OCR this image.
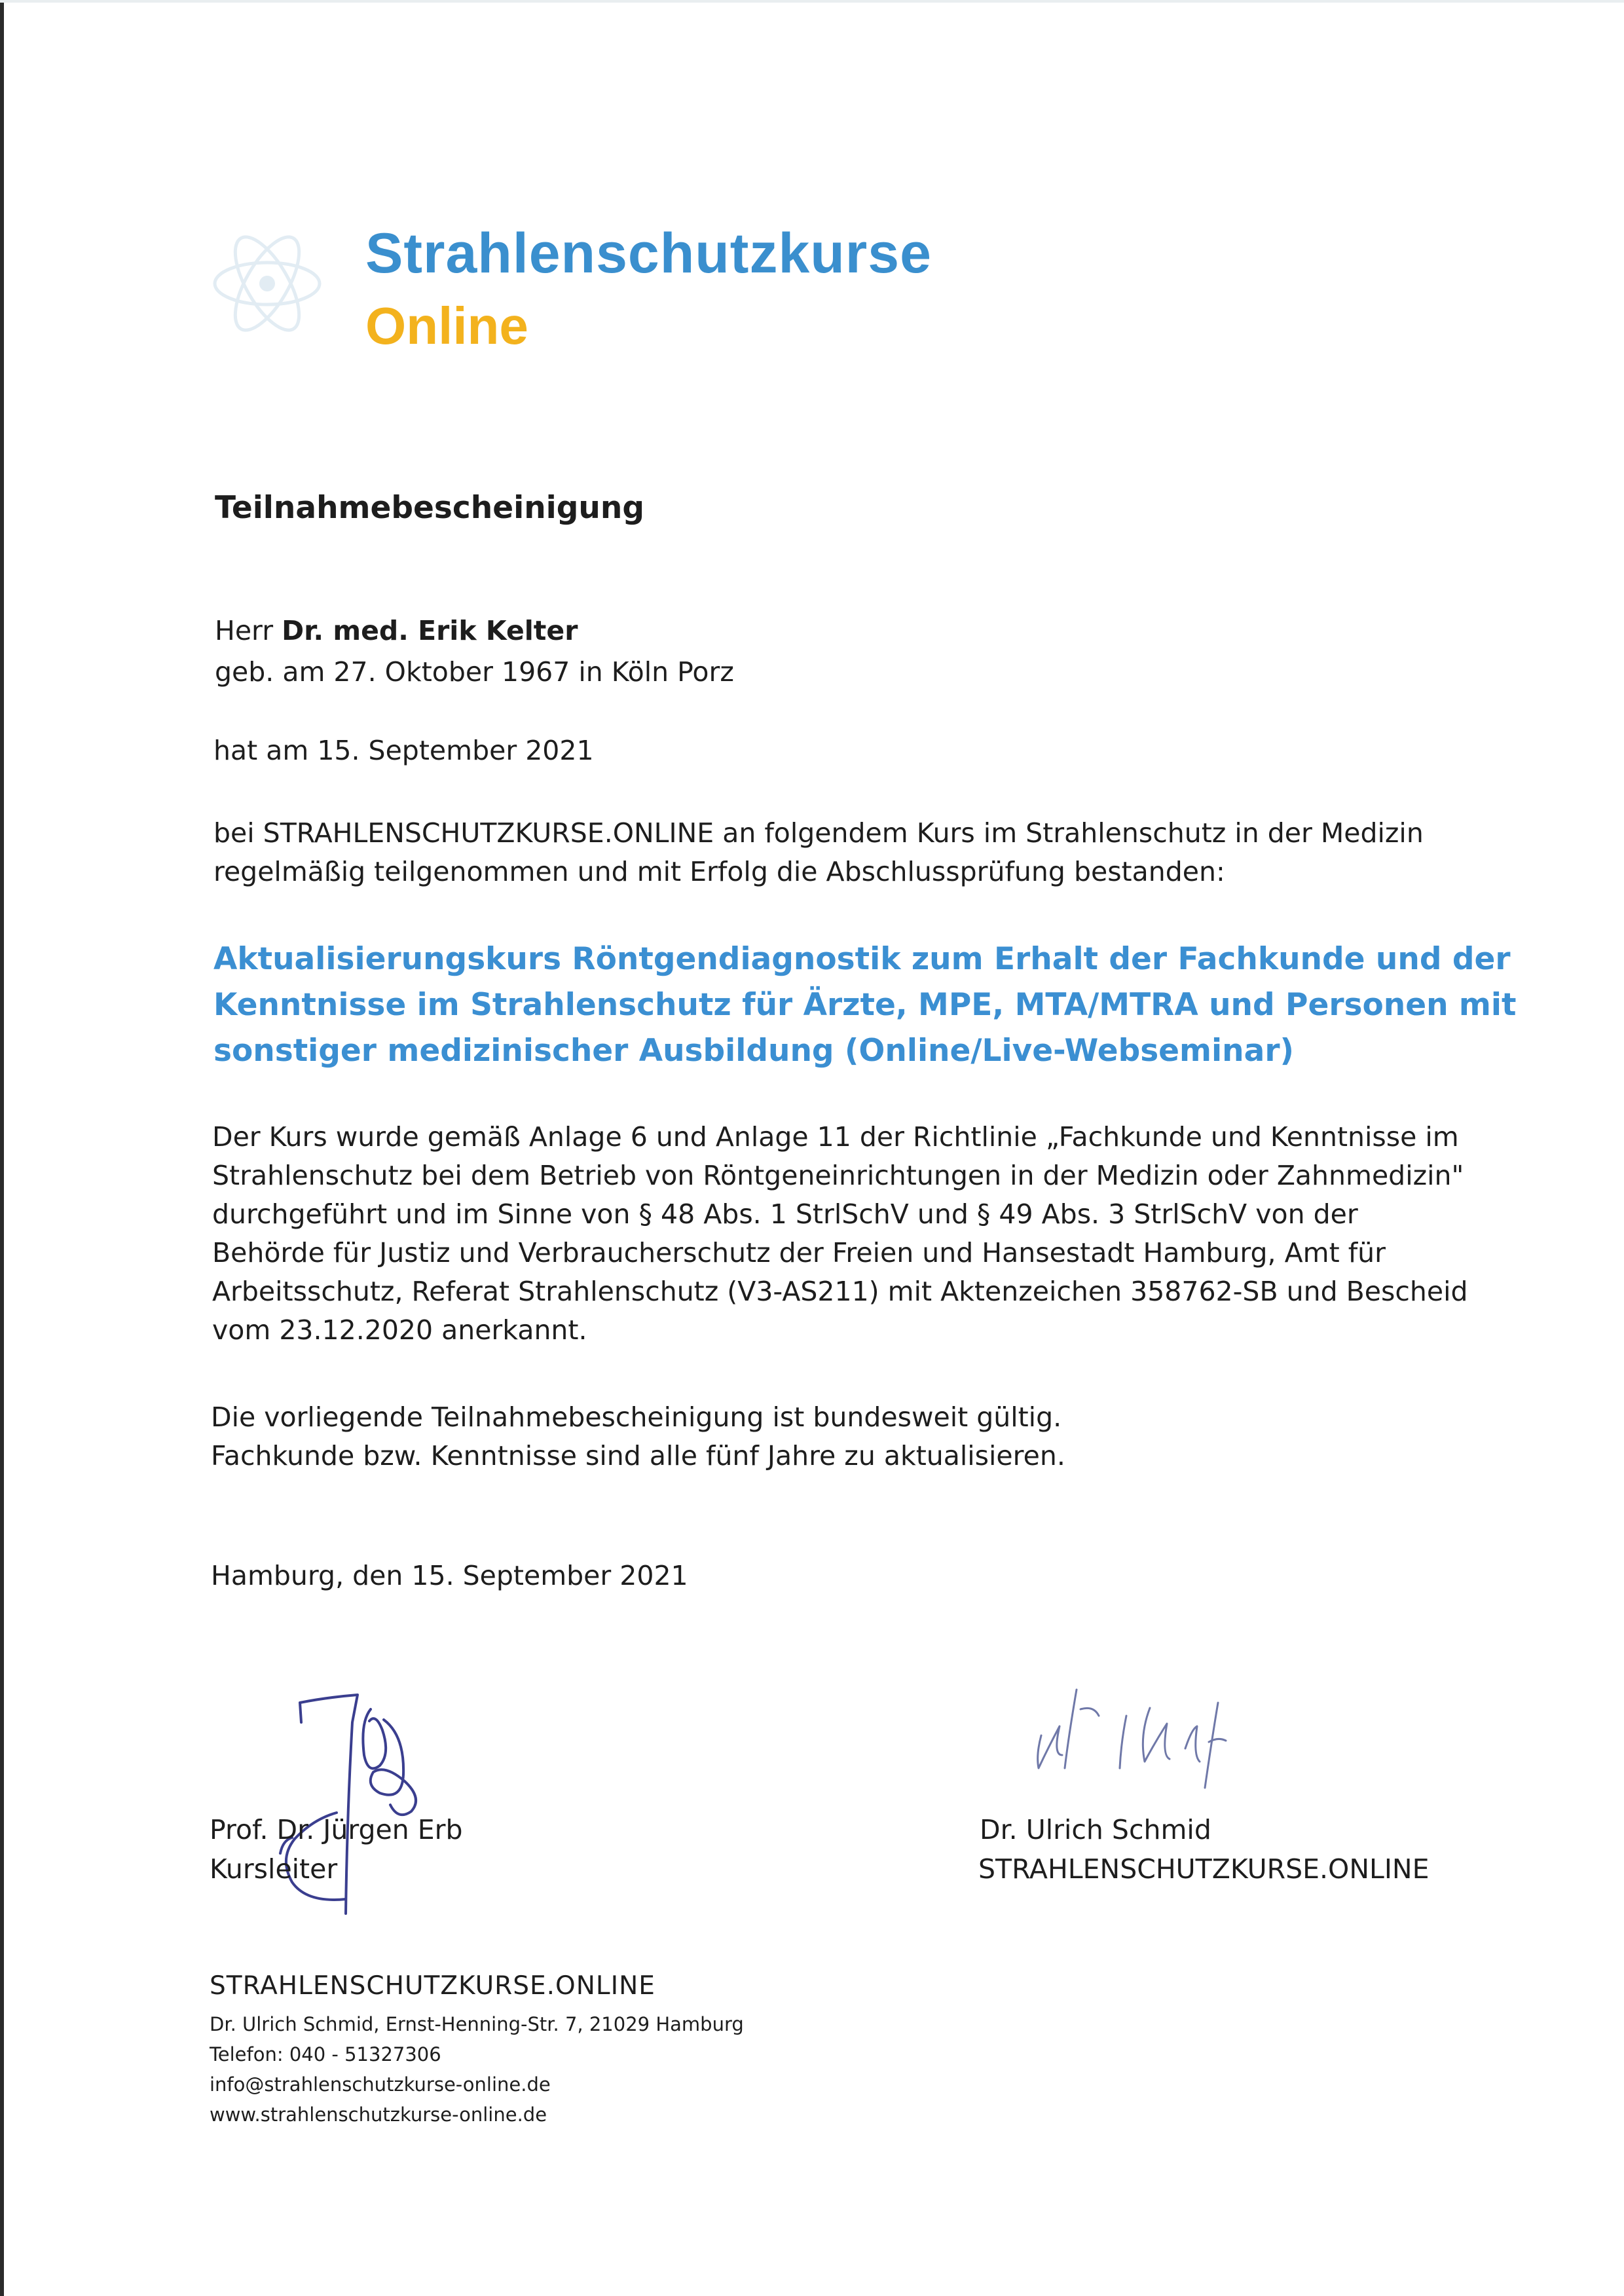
Strahlenschutzkurse
Online
Teilnahmebescheinigung
Herr Dr. med. Erik Kelter
geb. am 27. Oktober 1967 in Köln Porz
hat am 15. September 2021
bei STRAHLENSCHUTZKURSE.ONLINE an folgendem Kurs im Strahlenschutz in der Medizin
regelmäßig teilgenommen und mit Erfolg die Abschlussprüfung bestanden:
Aktualisierungskurs Röntgendiagnostik zum Erhalt der Fachkunde und der
Kenntnisse im Strahlenschutz für Ärzte, MPE, MTA/MTRA und Personen mit
sonstiger medizinischer Ausbildung (Online/Live-Webseminar)
Der Kurs wurde gemäß Anlage 6 und Anlage 11 der Richtlinie „Fachkunde und Kenntnisse im
Strahlenschutz bei dem Betrieb von Röntgeneinrichtungen in der Medizin oder Zahnmedizin"
durchgeführt und im Sinne von § 48 Abs. 1 StrlSchV und § 49 Abs. 3 StrlSchV von der
Behörde für Justiz und Verbraucherschutz der Freien und Hansestadt Hamburg, Amt für
Arbeitsschutz, Referat Strahlenschutz (V3-AS211) mit Aktenzeichen 358762-SB und Bescheid
vom 23.12.2020 anerkannt.
Die vorliegende Teilnahmebescheinigung ist bundesweit gültig.
Fachkunde bzw. Kenntnisse sind alle fünf Jahre zu aktualisieren.
Hamburg, den 15. September 2021
Prof. Dr. Jürgen Erb
Kursleiter
Dr. Ulrich Schmid
STRAHLENSCHUTZKURSE.ONLINE
STRAHLENSCHUTZKURSE.ONLINE
Dr. Ulrich Schmid, Ernst-Henning-Str. 7, 21029 Hamburg
Telefon: 040 - 51327306
info@strahlenschutzkurse-online.de
www.strahlenschutzkurse-online.de
